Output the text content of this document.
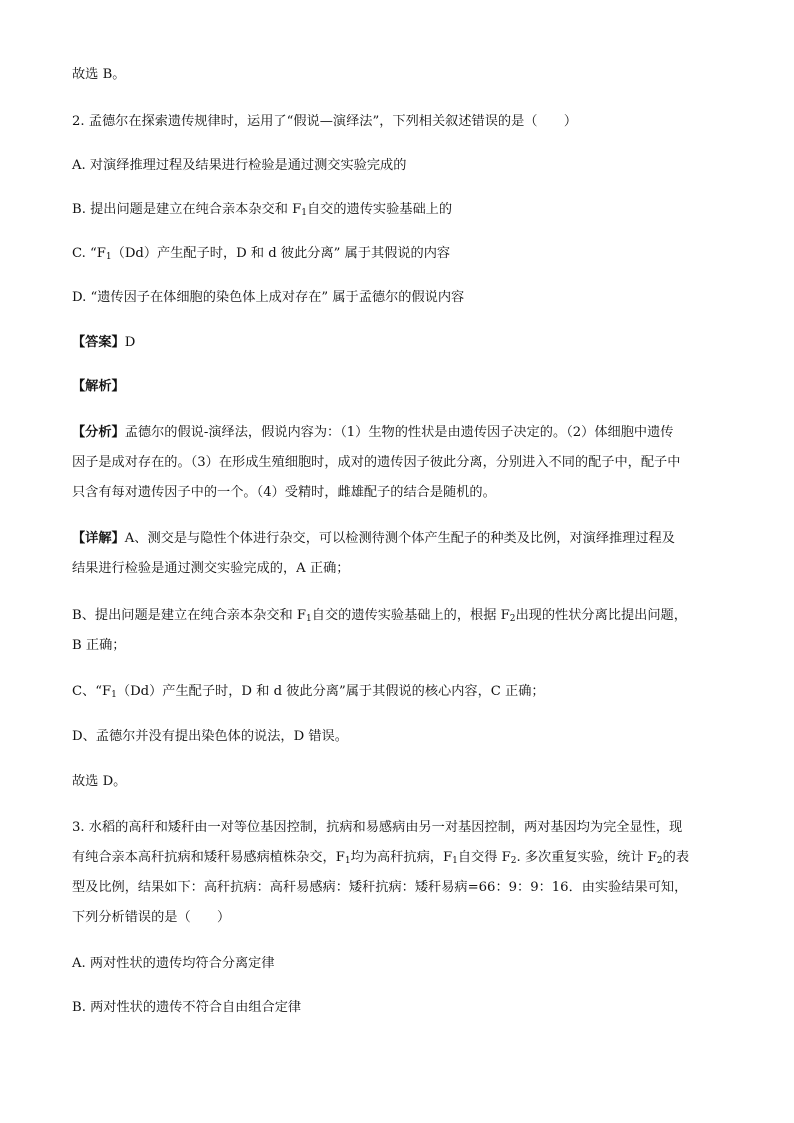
故选 B。
2. 孟德尔在探索遗传规律时，运用了“假说—演绎法”，下列相关叙述错误的是（　　）
A. 对演绎推理过程及结果进行检验是通过测交实验完成的
B. 提出问题是建立在纯合亲本杂交和 $F_1$自交的遗传实验基础上的
C. “$F_1(Dd)$产生配子时，D 和 d 彼此分离” 属于其假说的内容
D. “遗传因子在体细胞的染色体上成对存在” 属于孟德尔的假说内容
【答案】D
【解析】
【分析】孟德尔的假说-演绎法，假说内容为：（1）生物的性状是由遗传因子决定的。（2）体细胞中遗传
因子是成对存在的。（3）在形成生殖细胞时，成对的遗传因子彼此分离，分别进入不同的配子中，配子中
只含有每对遗传因子中的一个。（4）受精时，雌雄配子的结合是随机的。
【详解】A、测交是与隐性个体进行杂交，可以检测待测个体产生配子的种类及比例，对演绎推理过程及
结果进行检验是通过测交实验完成的，A 正确；
B、提出问题是建立在纯合亲本杂交和 $F_1$自交的遗传实验基础上的，根据 $F_2$出现的性状分离比提出问题，
B 正确；
C、“$F_1(Dd)$产生配子时，D 和 d 彼此分离”属于其假说的核心内容，C 正确；
D、孟德尔并没有提出染色体的说法，D 错误。
故选 D。
3. 水稻的高秆和矮秆由一对等位基因控制，抗病和易感病由另一对基因控制，两对基因均为完全显性，现
有纯合亲本高秆抗病和矮秆易感病植株杂交，$F_1$均为高秆抗病，$F_1$自交得 $F_2$. 多次重复实验，统计 $F_2$的表
型及比例，结果如下：高秆抗病：高秆易感病：矮秆抗病：矮秆易病=66：9：9：16．由实验结果可知，
下列分析错误的是（　　）
A. 两对性状的遗传均符合分离定律
B. 两对性状的遗传不符合自由组合定律
